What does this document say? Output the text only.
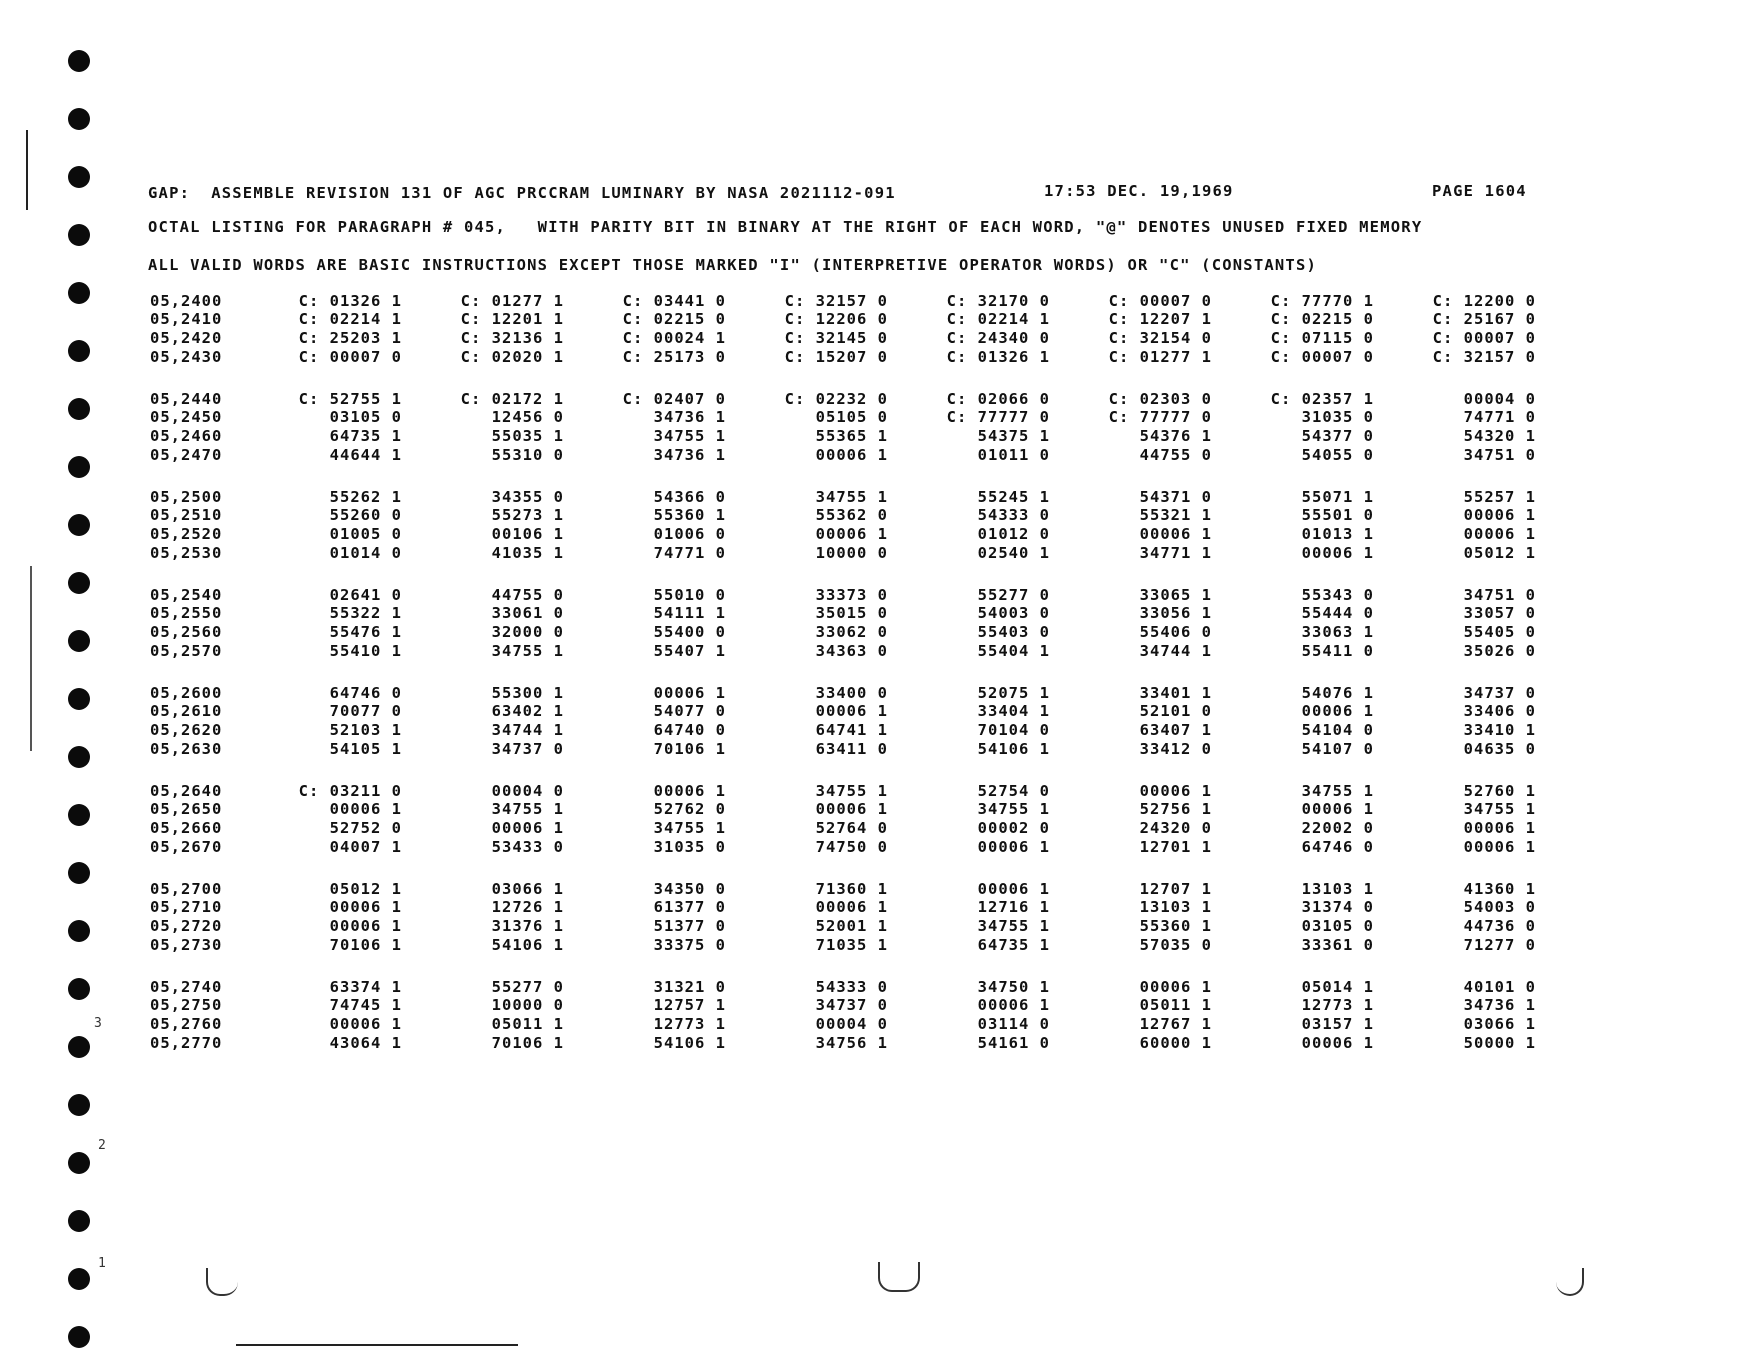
3
2
1
GAP:  ASSEMBLE REVISION 131 OF AGC PRCCRAM LUMINARY BY NASA 2021112-091	17:53 DEC. 19,1969	PAGE 1604
OCTAL LISTING FOR PARAGRAPH # 045,   WITH PARITY BIT IN BINARY AT THE RIGHT OF EACH WORD, "@" DENOTES UNUSED FIXED MEMORY
ALL VALID WORDS ARE BASIC INSTRUCTIONS EXCEPT THOSE MARKED "I" (INTERPRETIVE OPERATOR WORDS) OR "C" (CONSTANTS)
05,2400	C: 01326 1	C: 01277 1	C: 03441 0	C: 32157 0	C: 32170 0	C: 00007 0	C: 77770 1	C: 12200 0
05,2410	C: 02214 1	C: 12201 1	C: 02215 0	C: 12206 0	C: 02214 1	C: 12207 1	C: 02215 0	C: 25167 0
05,2420	C: 25203 1	C: 32136 1	C: 00024 1	C: 32145 0	C: 24340 0	C: 32154 0	C: 07115 0	C: 00007 0
05,2430	C: 00007 0	C: 02020 1	C: 25173 0	C: 15207 0	C: 01326 1	C: 01277 1	C: 00007 0	C: 32157 0
05,2440	C: 52755 1	C: 02172 1	C: 02407 0	C: 02232 0	C: 02066 0	C: 02303 0	C: 02357 1	00004 0
05,2450	03105 0	12456 0	34736 1	05105 0	C: 77777 0	C: 77777 0	31035 0	74771 0
05,2460	64735 1	55035 1	34755 1	55365 1	54375 1	54376 1	54377 0	54320 1
05,2470	44644 1	55310 0	34736 1	00006 1	01011 0	44755 0	54055 0	34751 0
05,2500	55262 1	34355 0	54366 0	34755 1	55245 1	54371 0	55071 1	55257 1
05,2510	55260 0	55273 1	55360 1	55362 0	54333 0	55321 1	55501 0	00006 1
05,2520	01005 0	00106 1	01006 0	00006 1	01012 0	00006 1	01013 1	00006 1
05,2530	01014 0	41035 1	74771 0	10000 0	02540 1	34771 1	00006 1	05012 1
05,2540	02641 0	44755 0	55010 0	33373 0	55277 0	33065 1	55343 0	34751 0
05,2550	55322 1	33061 0	54111 1	35015 0	54003 0	33056 1	55444 0	33057 0
05,2560	55476 1	32000 0	55400 0	33062 0	55403 0	55406 0	33063 1	55405 0
05,2570	55410 1	34755 1	55407 1	34363 0	55404 1	34744 1	55411 0	35026 0
05,2600	64746 0	55300 1	00006 1	33400 0	52075 1	33401 1	54076 1	34737 0
05,2610	70077 0	63402 1	54077 0	00006 1	33404 1	52101 0	00006 1	33406 0
05,2620	52103 1	34744 1	64740 0	64741 1	70104 0	63407 1	54104 0	33410 1
05,2630	54105 1	34737 0	70106 1	63411 0	54106 1	33412 0	54107 0	04635 0
05,2640	C: 03211 0	00004 0	00006 1	34755 1	52754 0	00006 1	34755 1	52760 1
05,2650	00006 1	34755 1	52762 0	00006 1	34755 1	52756 1	00006 1	34755 1
05,2660	52752 0	00006 1	34755 1	52764 0	00002 0	24320 0	22002 0	00006 1
05,2670	04007 1	53433 0	31035 0	74750 0	00006 1	12701 1	64746 0	00006 1
05,2700	05012 1	03066 1	34350 0	71360 1	00006 1	12707 1	13103 1	41360 1
05,2710	00006 1	12726 1	61377 0	00006 1	12716 1	13103 1	31374 0	54003 0
05,2720	00006 1	31376 1	51377 0	52001 1	34755 1	55360 1	03105 0	44736 0
05,2730	70106 1	54106 1	33375 0	71035 1	64735 1	57035 0	33361 0	71277 0
05,2740	63374 1	55277 0	31321 0	54333 0	34750 1	00006 1	05014 1	40101 0
05,2750	74745 1	10000 0	12757 1	34737 0	00006 1	05011 1	12773 1	34736 1
05,2760	00006 1	05011 1	12773 1	00004 0	03114 0	12767 1	03157 1	03066 1
05,2770	43064 1	70106 1	54106 1	34756 1	54161 0	60000 1	00006 1	50000 1
